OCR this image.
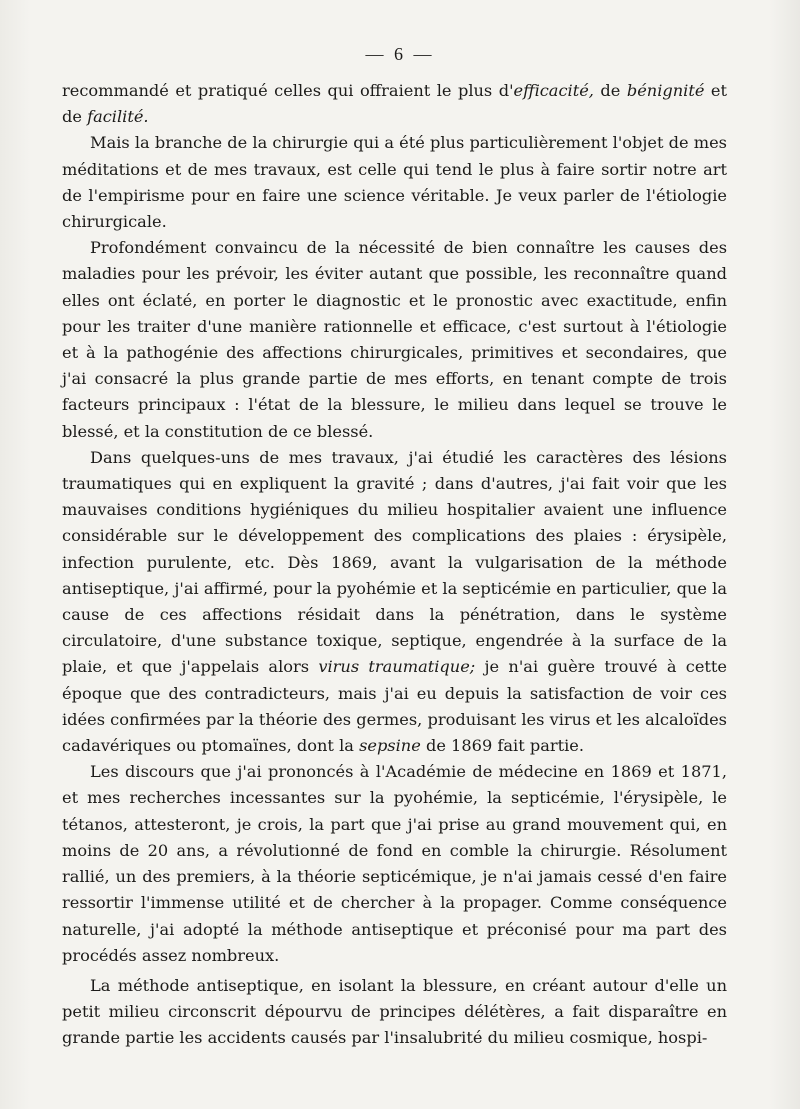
— 6 —

recommandé et pratiqué celles qui offraient le plus d'efficacité, de bénignité et de facilité.

Mais la branche de la chirurgie qui a été plus particulièrement l'objet de mes méditations et de mes travaux, est celle qui tend le plus à faire sortir notre art de l'empirisme pour en faire une science véritable. Je veux parler de l'étiologie chirurgicale.

Profondément convaincu de la nécessité de bien connaître les causes des maladies pour les prévoir, les éviter autant que possible, les reconnaître quand elles ont éclaté, en porter le diagnostic et le pronostic avec exactitude, enfin pour les traiter d'une manière rationnelle et efficace, c'est surtout à l'étiologie et à la pathogénie des affections chirurgicales, primitives et secondaires, que j'ai consacré la plus grande partie de mes efforts, en tenant compte de trois facteurs principaux : l'état de la blessure, le milieu dans lequel se trouve le blessé, et la constitution de ce blessé.

Dans quelques-uns de mes travaux, j'ai étudié les caractères des lésions traumatiques qui en expliquent la gravité ; dans d'autres, j'ai fait voir que les mauvaises conditions hygiéniques du milieu hospitalier avaient une influence considérable sur le développement des complications des plaies : érysipèle, infection purulente, etc. Dès 1869, avant la vulgarisation de la méthode antiseptique, j'ai affirmé, pour la pyohémie et la septicémie en particulier, que la cause de ces affections résidait dans la pénétration, dans le système circulatoire, d'une substance toxique, septique, engendrée à la surface de la plaie, et que j'appelais alors virus traumatique; je n'ai guère trouvé à cette époque que des contradicteurs, mais j'ai eu depuis la satisfaction de voir ces idées confirmées par la théorie des germes, produisant les virus et les alcaloïdes cadavériques ou ptomaïnes, dont la sepsine de 1869 fait partie.

Les discours que j'ai prononcés à l'Académie de médecine en 1869 et 1871, et mes recherches incessantes sur la pyohémie, la septicémie, l'érysipèle, le tétanos, attesteront, je crois, la part que j'ai prise au grand mouvement qui, en moins de 20 ans, a révolutionné de fond en comble la chirurgie. Résolument rallié, un des premiers, à la théorie septicémique, je n'ai jamais cessé d'en faire ressortir l'immense utilité et de chercher à la propager. Comme conséquence naturelle, j'ai adopté la méthode antiseptique et préconisé pour ma part des procédés assez nombreux.

La méthode antiseptique, en isolant la blessure, en créant autour d'elle un petit milieu circonscrit dépourvu de principes délétères, a fait disparaître en grande partie les accidents causés par l'insalubrité du milieu cosmique, hospi-
